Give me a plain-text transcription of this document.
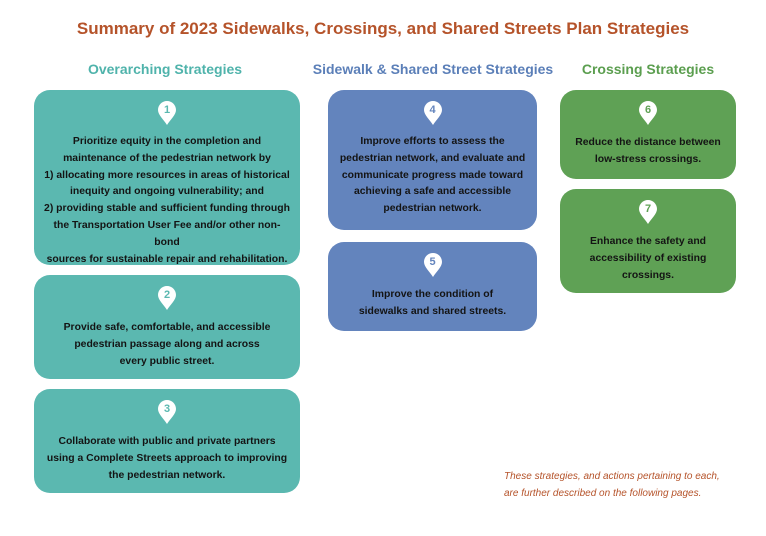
Summary of 2023 Sidewalks, Crossings, and Shared Streets Plan Strategies
Overarching Strategies	Sidewalk & Shared Street Strategies	Crossing Strategies
1
Prioritize equity in the completion and
maintenance of the pedestrian network by
1) allocating more resources in areas of historical
inequity and ongoing vulnerability; and
2) providing stable and sufficient funding through
the Transportation User Fee and/or other non-bond
sources for sustainable repair and rehabilitation.
2
Provide safe, comfortable, and accessible
pedestrian passage along and across
every public street.
3
Collaborate with public and private partners
using a Complete Streets approach to improving
the pedestrian network.
4
Improve efforts to assess the
pedestrian network, and evaluate and
communicate progress made toward
achieving a safe and accessible
pedestrian network.
5
Improve the condition of
sidewalks and shared streets.
6
Reduce the distance between
low-stress crossings.
7
Enhance the safety and
accessibility of existing
crossings.
These strategies, and actions pertaining to each,
are further described on the following pages.
